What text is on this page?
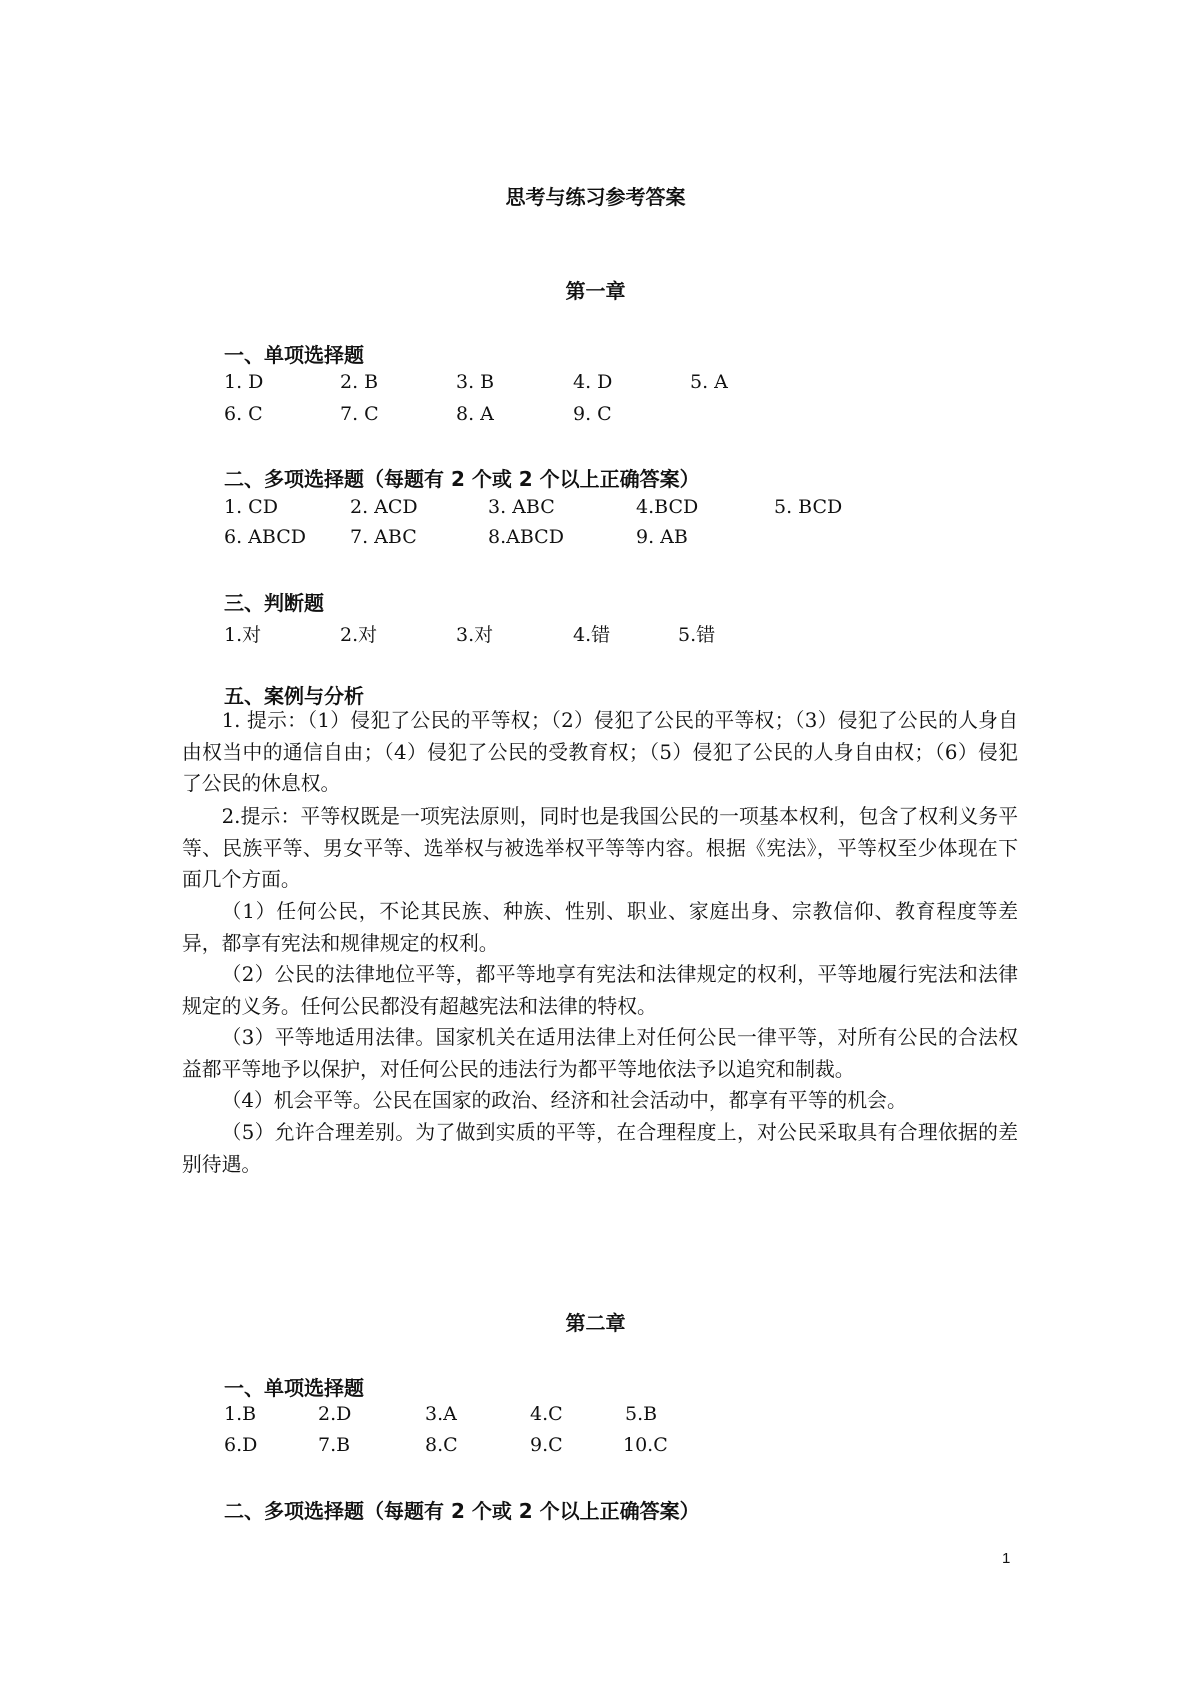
思考与练习参考答案
第一章
一、单项选择题
1. D	2. B	3. B	4. D	5. A
6. C	7. C	8. A	9. C
二、多项选择题（每题有 2 个或 2 个以上正确答案）
1. CD	2. ACD	3. ABC	4.BCD	5. BCD
6. ABCD 7. ABC	8.ABCD	9. AB
三、判断题
1.对	2.对	3.对	4.错	5.错
五、案例与分析

1. 提示：（1）侵犯了公民的平等权；（2）侵犯了公民的平等权；（3）侵犯了公民的人身自由权当中的通信自由；（4）侵犯了公民的受教育权；（5）侵犯了公民的人身自由权；（6）侵犯了公民的休息权。

2.提示：平等权既是一项宪法原则，同时也是我国公民的一项基本权利，包含了权利义务平等、民族平等、男女平等、选举权与被选举权平等等内容。根据《宪法》，平等权至少体现在下面几个方面。

（1）任何公民，不论其民族、种族、性别、职业、家庭出身、宗教信仰、教育程度等差异，都享有宪法和规律规定的权利。

（2）公民的法律地位平等，都平等地享有宪法和法律规定的权利，平等地履行宪法和法律规定的义务。任何公民都没有超越宪法和法律的特权。

（3）平等地适用法律。国家机关在适用法律上对任何公民一律平等，对所有公民的合法权益都平等地予以保护，对任何公民的违法行为都平等地依法予以追究和制裁。

（4）机会平等。公民在国家的政治、经济和社会活动中，都享有平等的机会。

（5）允许合理差别。为了做到实质的平等，在合理程度上，对公民采取具有合理依据的差别待遇。

第二章
一、单项选择题
1.B	2.D	3.A	4.C	5.B
6.D	7.B	8.C	9.C	10.C
二、多项选择题（每题有 2 个或 2 个以上正确答案）
1
